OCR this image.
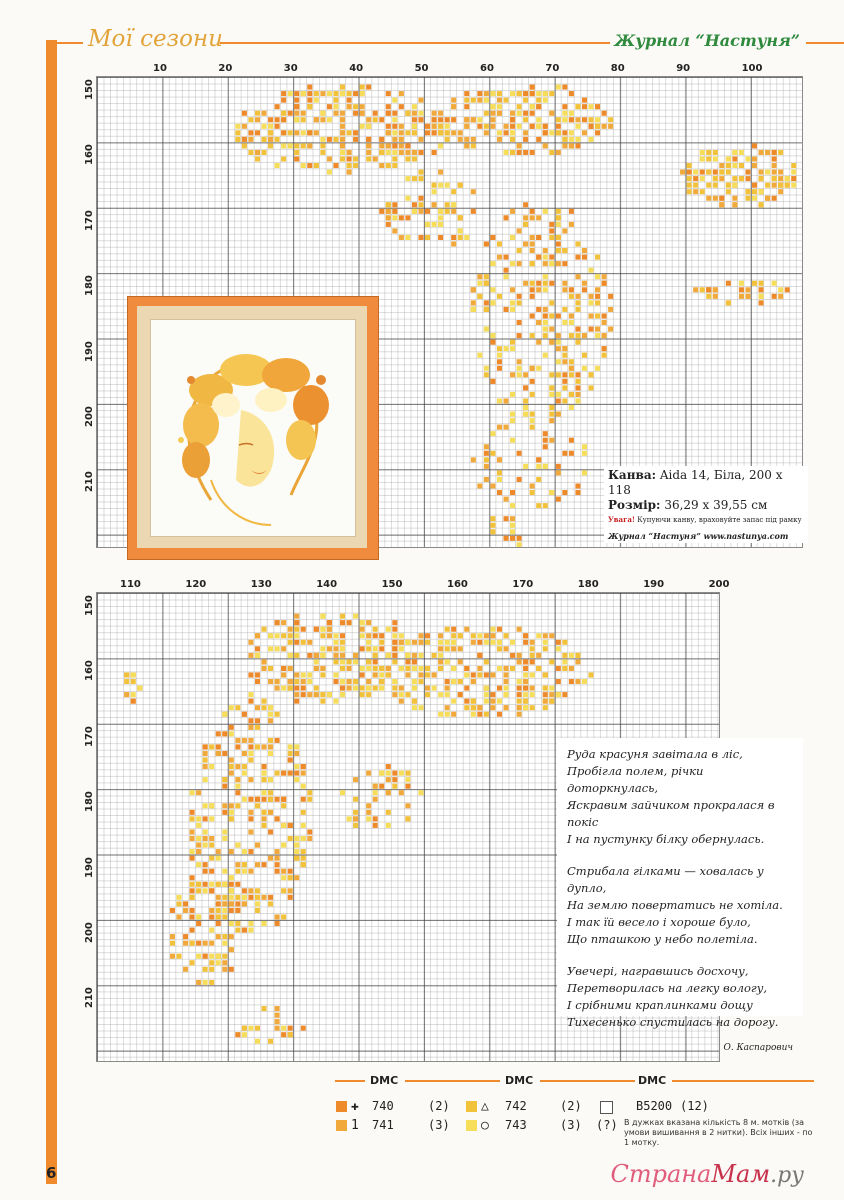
Мої сезони	Журнал “Настуня”
10	20	30	40	50	60	70	80	90	100
150
160
170
180
190
200
210
110	120	130	140	150	160	170	180	190	200
150
160
170
180
190
200
210
Канва: Aida 14, Біла, 200 x 118
Розмір: 36,29 x 39,55 см
Увага! Купуючи канву, враховуйте запас під рамку
Журнал “Настуня” www.nastunya.com

Руда красуня завітала в ліс,
Пробігла полем, річки доторкнулась,
Яскравим зайчиком прокралася в покіс
І на пустунку білку обернулась.

Стрибала гілками — ховалась у дупло,
На землю повертатись не хотіла.
І так їй весело і хороше було,
Що пташкою у небо полетіла.

Увечері, награвшись досхочу,
Перетворилась на легку вологу,
І срібними краплинками дощу
Тихесенько спустилась на дорогу.

О. Каспарович
DMC	DMC	DMC
✚ 740	(2)
1 741	(3)
△ 742	(2)
○ 743	(3)
B5200 (12)
(?) В дужках вказана кількість 8 м. мотків (за умови вишивання в 2 нитки). Всіх інших - по 1 мотку.
6	СтранаМам.ру
